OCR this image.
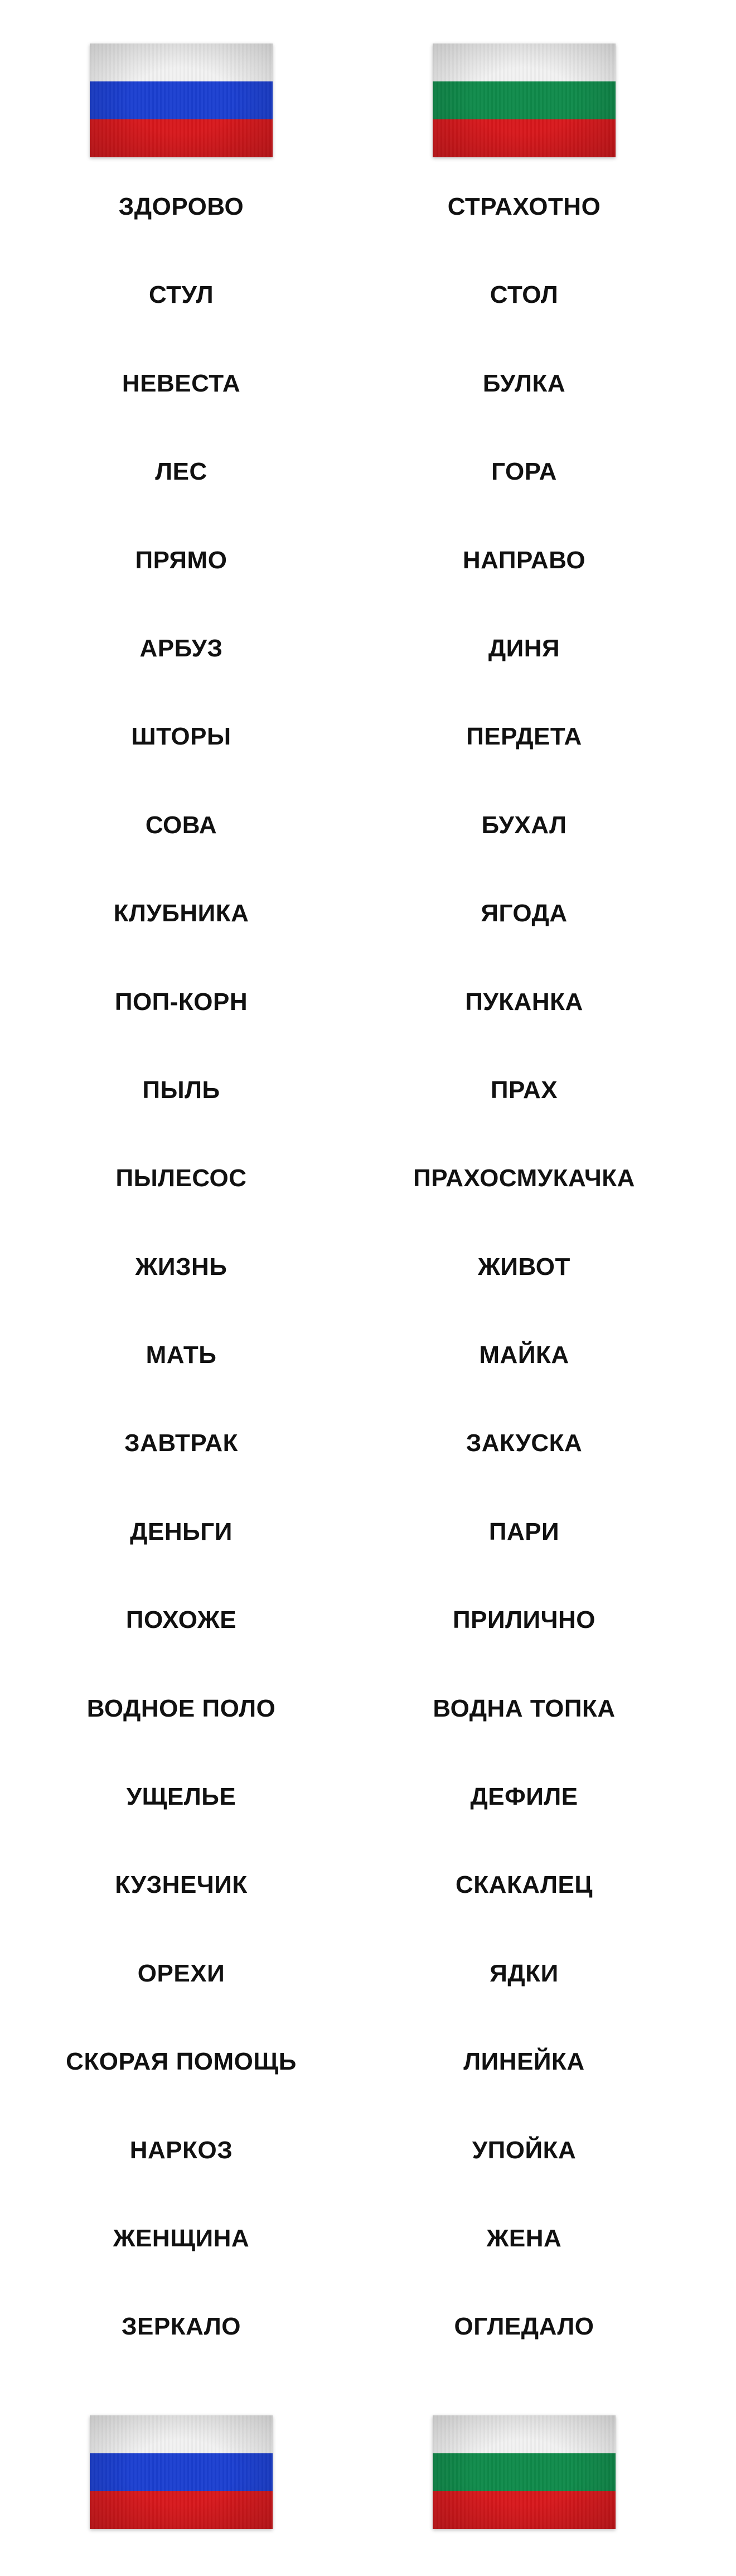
ЗДОРОВО
СТУЛ
НЕВЕСТА
ЛЕС
ПРЯМО
АРБУЗ
ШТОРЫ
СОВА
КЛУБНИКА
ПОП-КОРН
ПЫЛЬ
ПЫЛЕСОС
ЖИЗНЬ
МАТЬ
ЗАВТРАК
ДЕНЬГИ
ПОХОЖЕ
ВОДНОЕ ПОЛО
УЩЕЛЬЕ
КУЗНЕЧИК
ОРЕХИ
СКОРАЯ ПОМОЩЬ
НАРКОЗ
ЖЕНЩИНА
ЗЕРКАЛО
СТРАХОТНО
СТОЛ
БУЛКА
ГОРА
НАПРАВО
ДИНЯ
ПЕРДЕТА
БУХАЛ
ЯГОДА
ПУКАНКА
ПРАХ
ПРАХОСМУКАЧКА
ЖИВОТ
МАЙКА
ЗАКУСКА
ПАРИ
ПРИЛИЧНО
ВОДНА ТОПКА
ДЕФИЛЕ
СКАКАЛЕЦ
ЯДКИ
ЛИНЕЙКА
УПОЙКА
ЖЕНА
ОГЛЕДАЛО
